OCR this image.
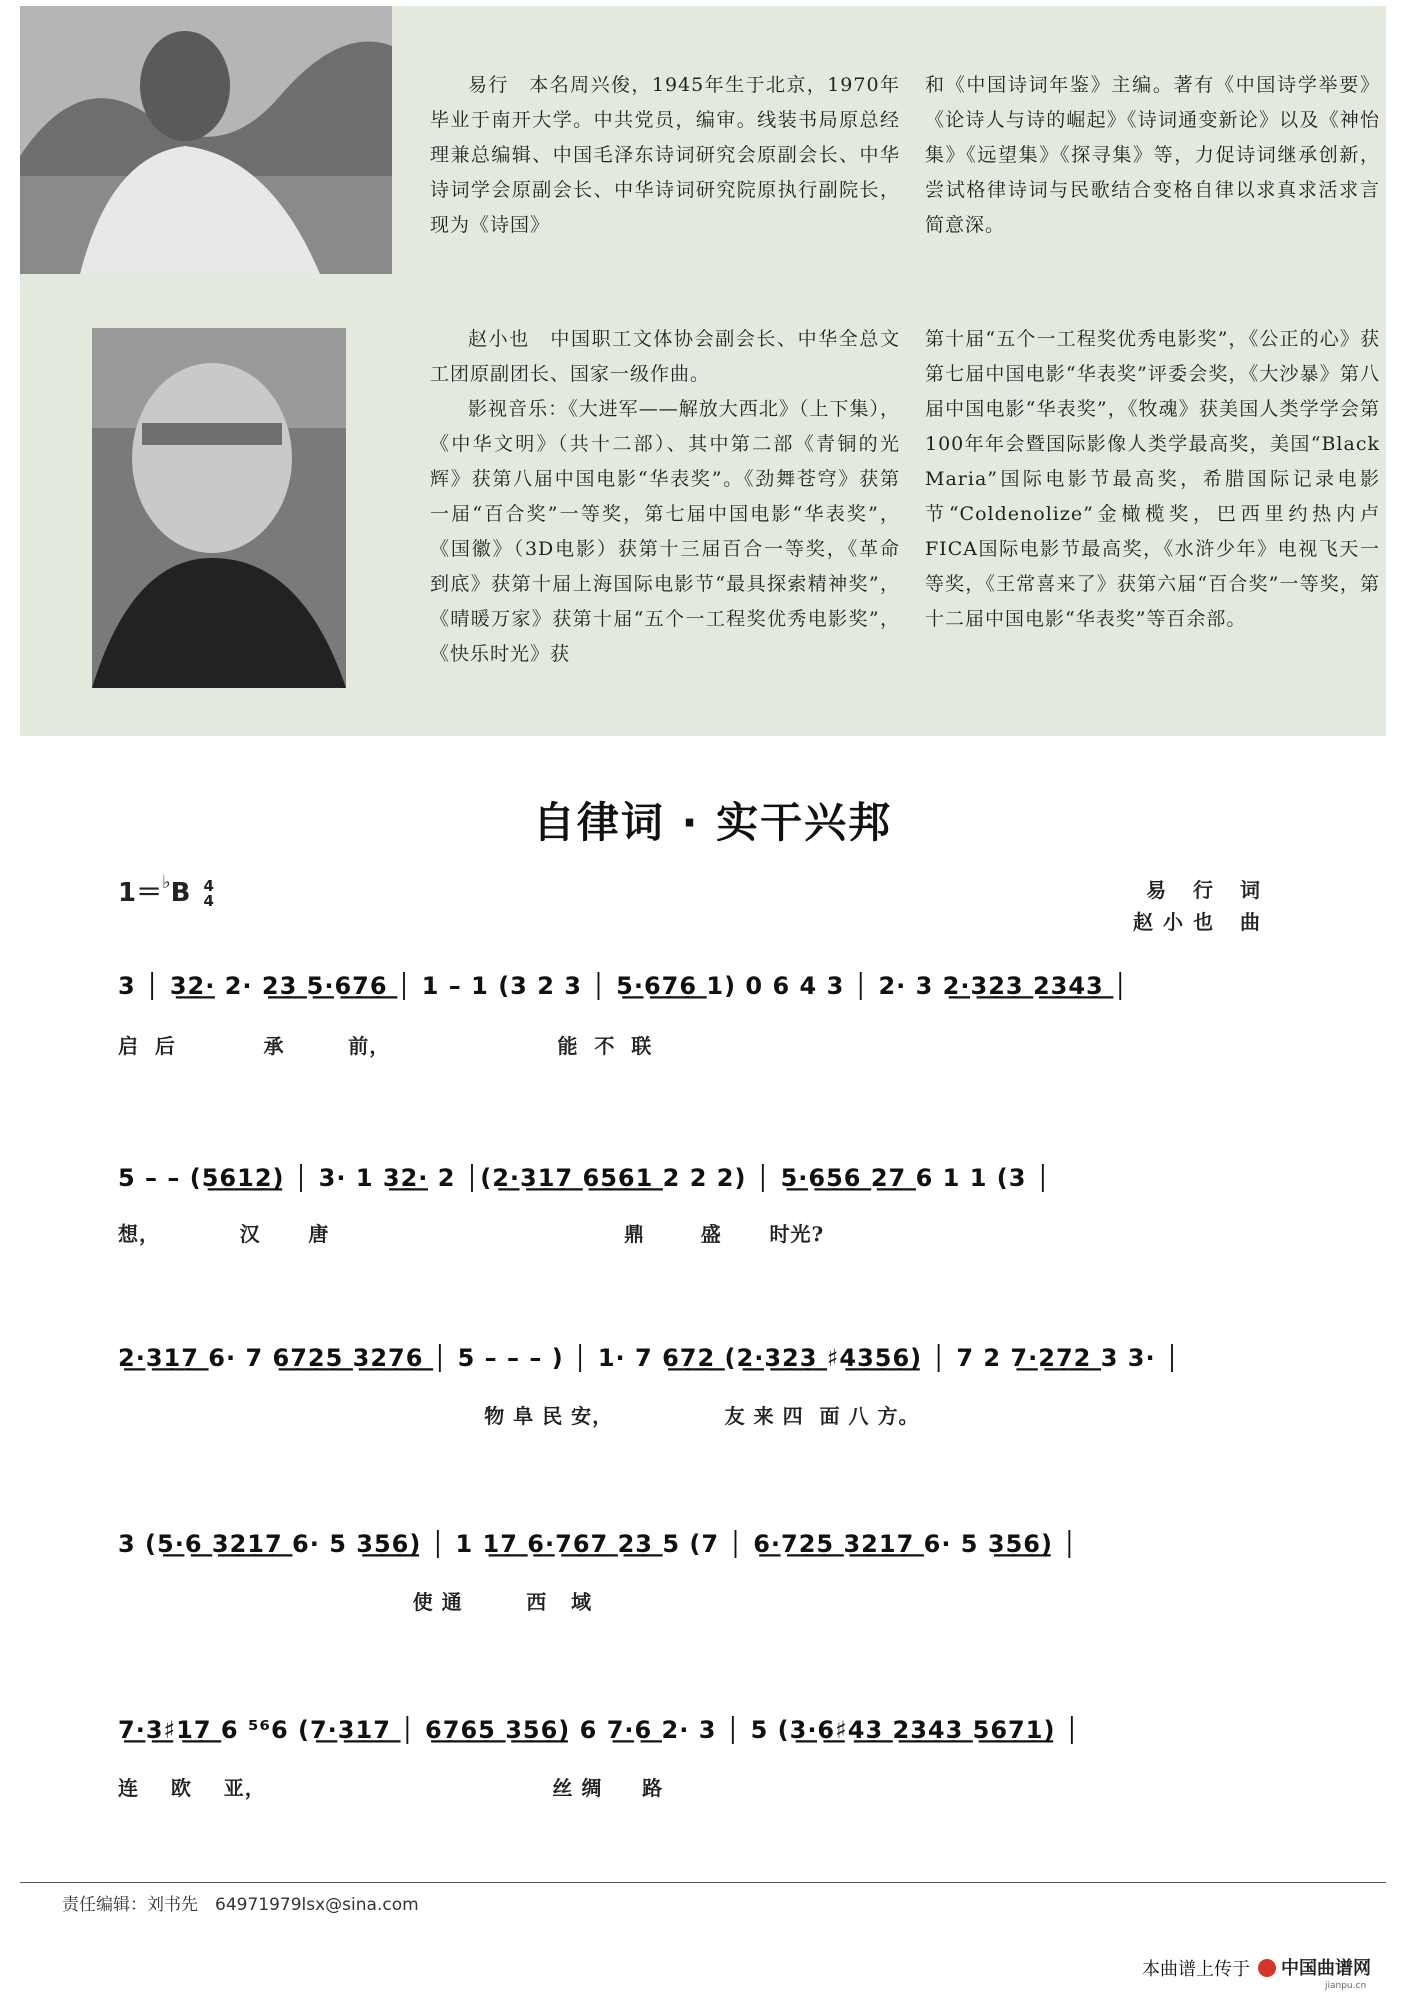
易行　本名周兴俊，1945年生于北京，1970年毕业于南开大学。中共党员，编审。线装书局原总经理兼总编辑、中国毛泽东诗词研究会原副会长、中华诗词学会原副会长、中华诗词研究院原执行副院长，现为《诗国》

和《中国诗词年鉴》主编。著有《中国诗学举要》《论诗人与诗的崛起》《诗词通变新论》以及《神怡集》《远望集》《探寻集》等，力促诗词继承创新，尝试格律诗词与民歌结合变格自律以求真求活求言简意深。

赵小也　中国职工文体协会副会长、中华全总文工团原副团长、国家一级作曲。

影视音乐：《大进军——解放大西北》（上下集），《中华文明》（共十二部）、其中第二部《青铜的光辉》获第八届中国电影“华表奖”。《劲舞苍穹》获第一届“百合奖”一等奖，第七届中国电影“华表奖”，《国徽》（3D电影）获第十三届百合一等奖，《革命到底》获第十届上海国际电影节“最具探索精神奖”，《晴暖万家》获第十届“五个一工程奖优秀电影奖”，《快乐时光》获

第十届“五个一工程奖优秀电影奖”，《公正的心》获第七届中国电影“华表奖”评委会奖，《大沙暴》第八届中国电影“华表奖”，《牧魂》获美国人类学学会第100年年会暨国际影像人类学最高奖，美国“Black Maria”国际电影节最高奖，希腊国际记录电影节“Coldenolize”金橄榄奖，巴西里约热内卢FICA国际电影节最高奖，《水浒少年》电视飞天一等奖，《王常喜来了》获第六届“百合奖”一等奖，第十二届中国电影“华表奖”等百余部。

自律词 · 实干兴邦
1＝♭B 4
4	易 行 词
赵小也 曲
3 │ 3͟2͟· 2· 2͟3͟ 5͟·6͟7͟6͟ │ 1 – 1 (3 2 3 │ 5͟·6͟7͟6͟ 1) 0 6 4 3 │ 2· 3 2͟·3͟2͟3͟ 2͟3͟4͟3͟ │
启  后           承        前，                     能  不  联
5 – – (5͟6͟1͟2͟) │ 3· 1 3͟2͟· 2 │(2͟·3͟1͟7͟ 6͟5͟6͟1͟ 2 2 2) │ 5͟·6͟5͟6͟ 2͟7͟ 6 1 1 (3 │
想，          汉      唐                                     鼎       盛      时光?
2͟·3͟1͟7͟ 6· 7 6͟7͟2͟5͟ 3͟2͟7͟6͟ │ 5 – – – ) │ 1· 7 6͟7͟2͟ (2͟·3͟2͟3͟ ♯4͟3͟5͟6͟) │ 7 2 7͟·2͟7͟2͟ 3 3· │
物 阜 民 安，              友 来 四  面 八 方。
3 (5͟·6͟ 3͟2͟1͟7͟ 6· 5 3͟5͟6͟) │ 1 1͟7͟ 6͟·7͟6͟7͟ 2͟3͟ 5 (7 │ 6͟·7͟2͟5͟ 3͟2͟1͟7͟ 6· 5 3͟5͟6͟) │
使 通        西   域
7͟·3͟♯1͟7͟ 6 ⁵⁶6 (7͟·3͟1͟7͟ │ 6͟7͟6͟5͟ 3͟5͟6͟) 6 7͟·6͟ 2· 3 │ 5 (3͟·6͟♯4͟3͟ 2͟3͟4͟3͟ 5͟6͟7͟1͟) │
连    欧    亚，                                    丝 绸     路
责任编辑：刘书先　64971979lsx@sina.com
本曲谱上传于 中国曲谱网
jianpu.cn
